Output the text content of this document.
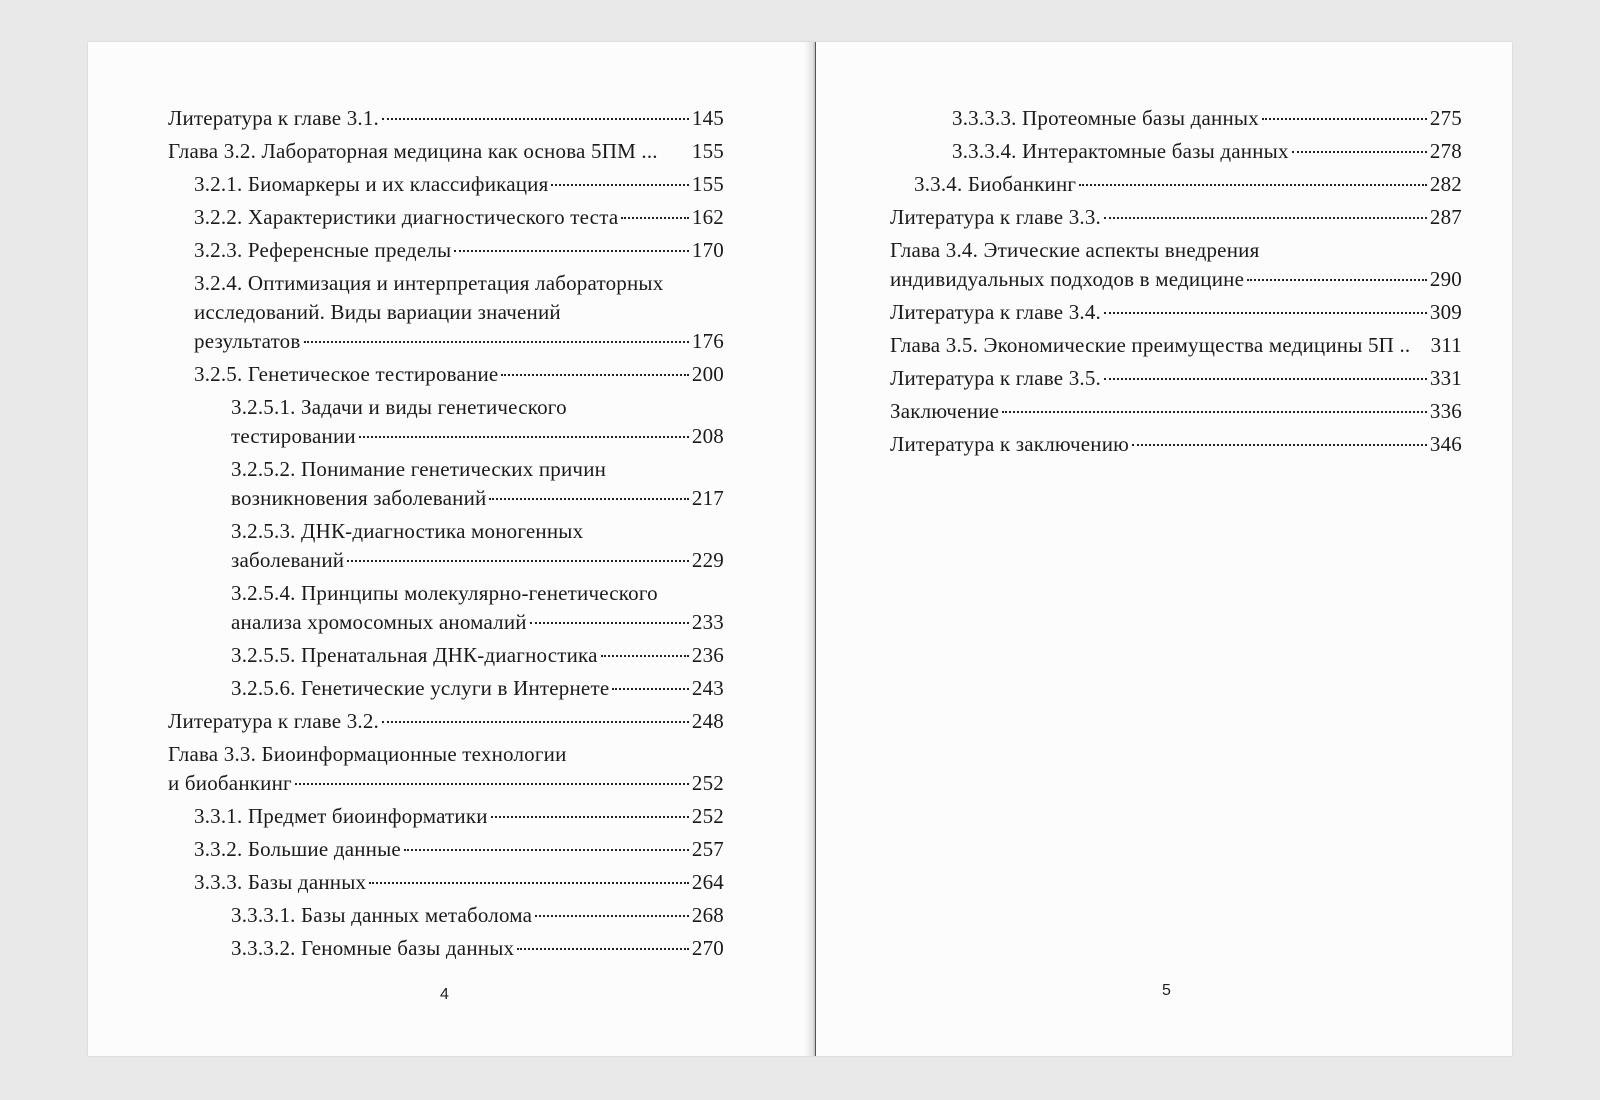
Литература к главе 3.1.	145
Глава 3.2. Лабораторная медицина как основа 5ПМ ... 155
3.2.1. Биомаркеры и их классификация	155
3.2.2. Характеристики диагностического теста	162
3.2.3. Референсные пределы	170
3.2.4. Оптимизация и интерпретация лабораторных
исследований. Виды вариации значений
результатов	176
3.2.5. Генетическое тестирование	200
3.2.5.1. Задачи и виды генетического
тестировании	208
3.2.5.2. Понимание генетических причин
возникновения заболеваний	217
3.2.5.3. ДНК-диагностика моногенных
заболеваний	229
3.2.5.4. Принципы молекулярно-генетического
анализа хромосомных аномалий	233
3.2.5.5. Пренатальная ДНК-диагностика	236
3.2.5.6. Генетические услуги в Интернете	243
Литература к главе 3.2.	248
Глава 3.3. Биоинформационные технологии
и биобанкинг	252
3.3.1. Предмет биоинформатики	252
3.3.2. Большие данные	257
3.3.3. Базы данных	264
3.3.3.1. Базы данных метаболома	268
3.3.3.2. Геномные базы данных	270
4
3.3.3.3. Протеомные базы данных	275
3.3.3.4. Интерактомные базы данных	278
3.3.4. Биобанкинг	282
Литература к главе 3.3.	287
Глава 3.4. Этические аспекты внедрения
индивидуальных подходов в медицине	290
Литература к главе 3.4.	309
Глава 3.5. Экономические преимущества медицины 5П .. 311
Литература к главе 3.5.	331
Заключение	336
Литература к заключению	346
5
